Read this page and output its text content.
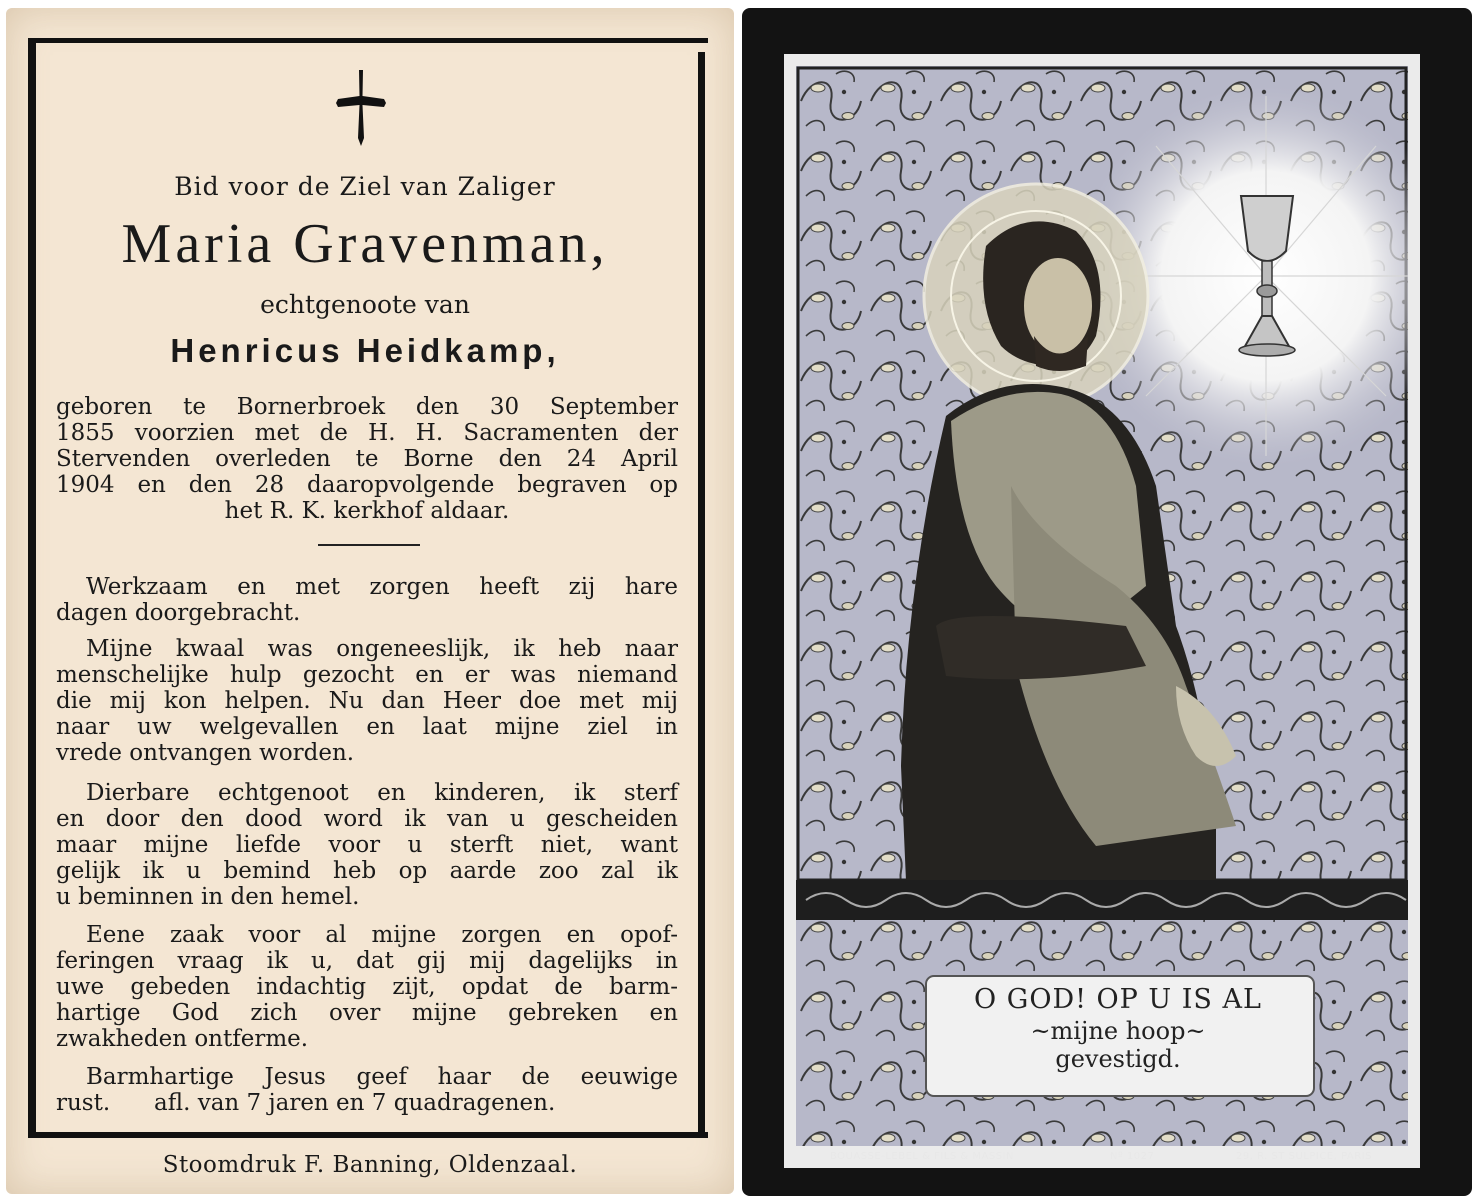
Bid voor de Ziel van Zaliger

Maria Gravenman,

echtgenoote van

Henricus Heidkamp,

geboren te Bornerbroek den 30 September
1855 voorzien met de H. H. Sacramenten der
Stervenden overleden te Borne den 24 April
1904 en den 28 daaropvolgende begraven op
het R. K. kerkhof aldaar.
Werkzaam en met zorgen heeft zij hare
dagen doorgebracht.
Mijne kwaal was ongeneeslijk, ik heb naar
menschelijke hulp gezocht en er was niemand
die mij kon helpen. Nu dan Heer doe met mij
naar uw welgevallen en laat mijne ziel in
vrede ontvangen worden.
Dierbare echtgenoot en kinderen, ik sterf
en door den dood word ik van u gescheiden
maar mijne liefde voor u sterft niet, want
gelijk ik u bemind heb op aarde zoo zal ik
u beminnen in den hemel.
Eene zaak voor al mijne zorgen en opof-
feringen vraag ik u, dat gij mij dagelijks in
uwe gebeden indachtig zijt, opdat de barm-
hartige God zich over mijne gebreken en
zwakheden ontferme.
Barmhartige Jesus geef haar de eeuwige
rust.      afl. van 7 jaren en 7 quadragenen.

Stoomdruk F. Banning, Oldenzaal.

O GOD! OP U IS AL
~mijne hoop~
gevestigd.
BOUASSE-LEBEL & FILS & MASSIN	Nº 1027	29, R. ST SULPICE, PARIS
